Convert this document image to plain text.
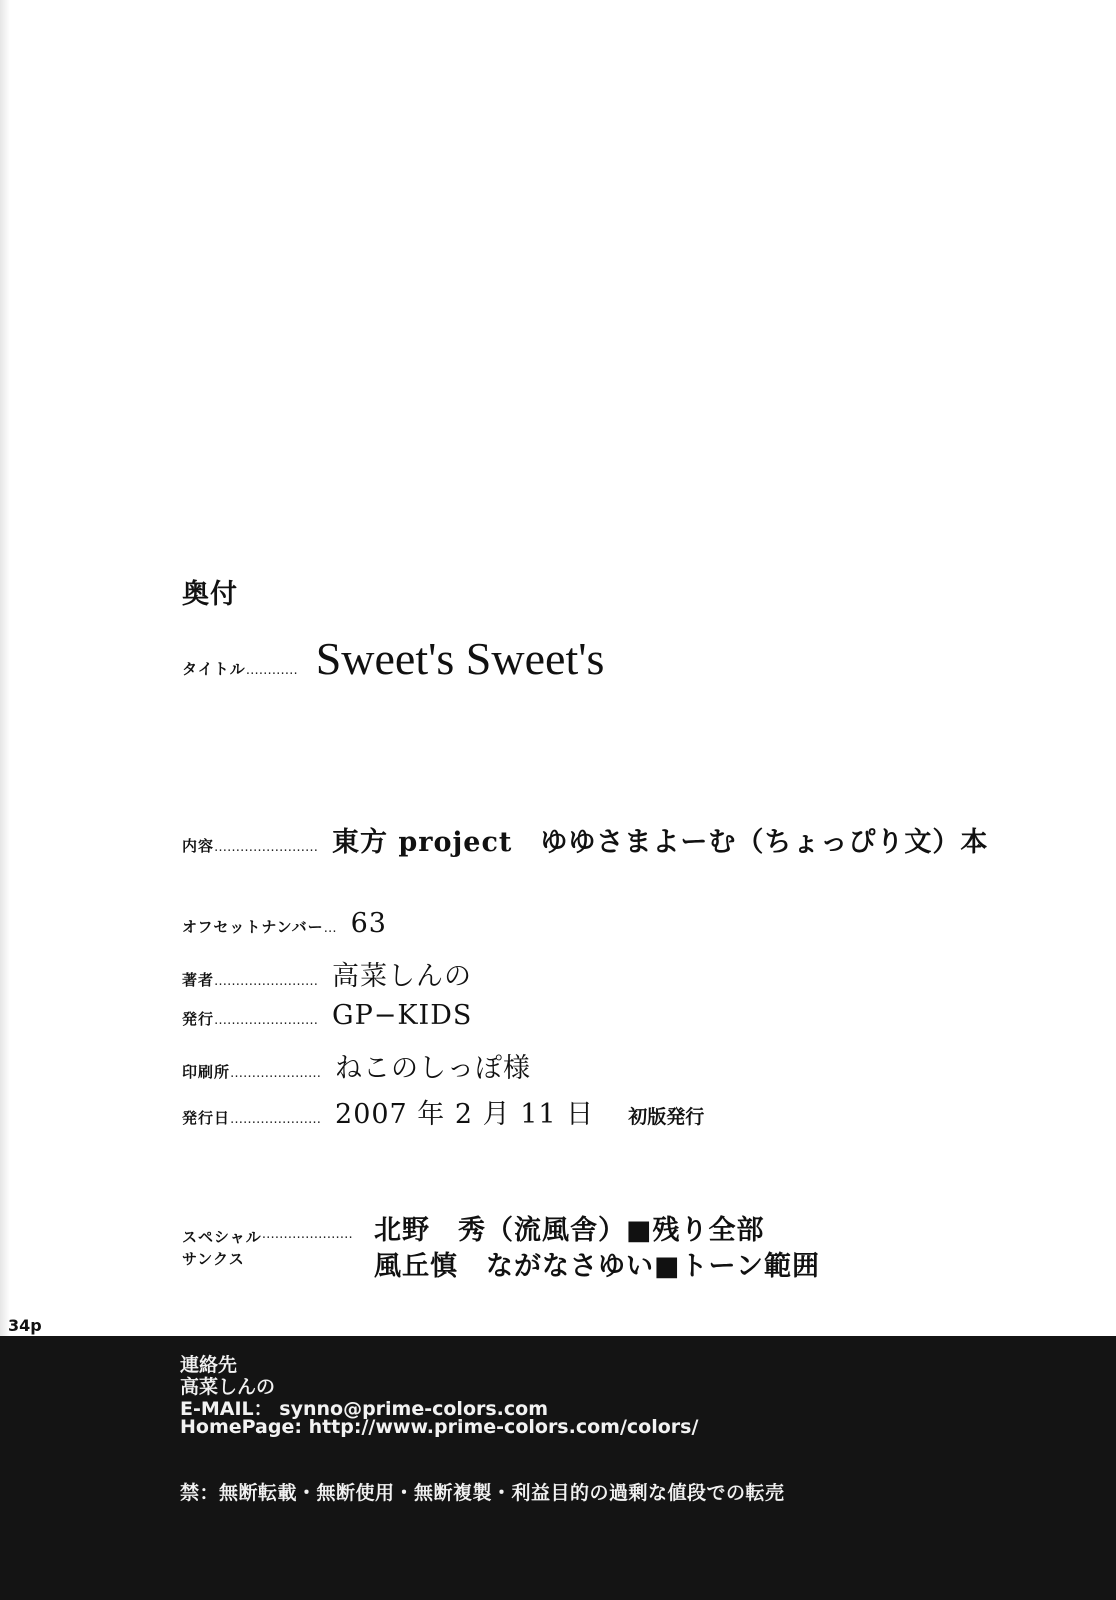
奥付
タイトル ………… Sweet's Sweet's
内容 …………………… 東方 project　ゆゆさまよーむ（ちょっぴり文）本
オフセットナンバー … 63
著者 …………………… 高菜しんの
発行 …………………… GP−KIDS
印刷所 ………………… ねこのしっぽ様
発行日 ………………… 2007 年 2 月 11 日 初版発行
スペシャル…………………
サンクス
北野　秀（流風舎）■残り全部
風丘慎　ながなさゆい■トーン範囲
34p
連絡先
高菜しんの
E-MAIL： synno@prime-colors.com
HomePage: http://www.prime-colors.com/colors/
禁：無断転載・無断使用・無断複製・利益目的の過剰な値段での転売
